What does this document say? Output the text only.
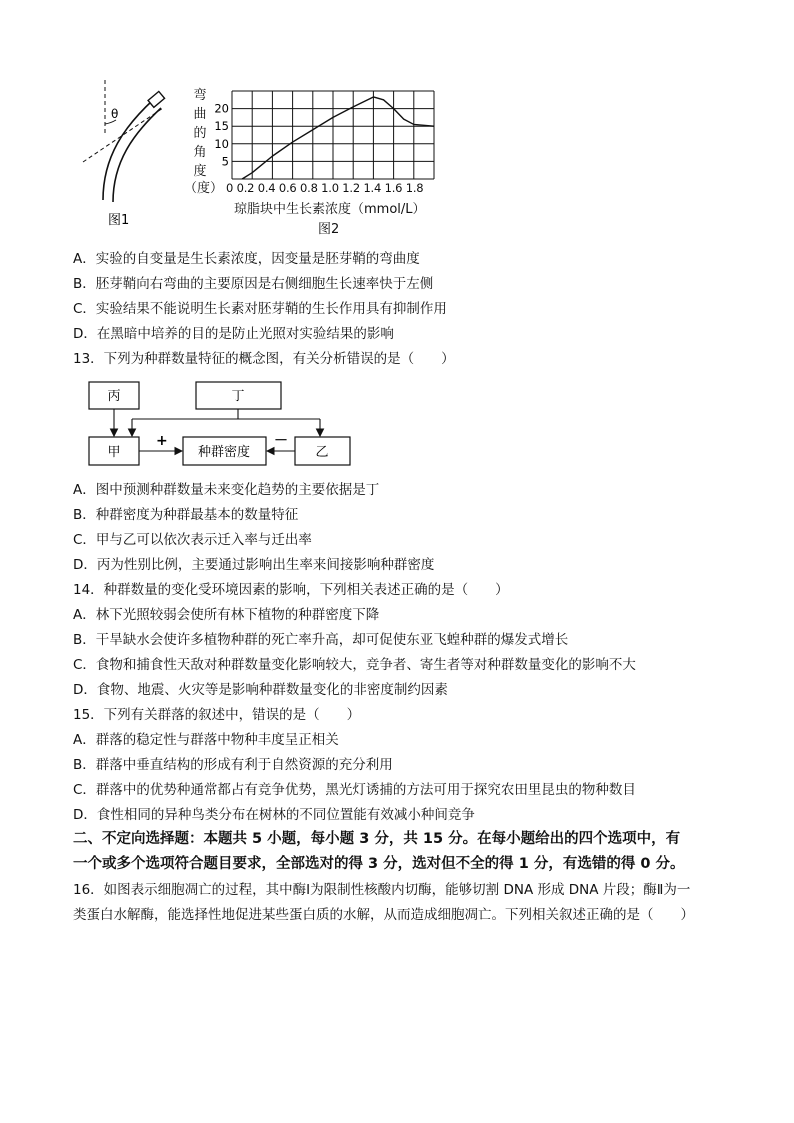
θ
图1
弯
曲
的
角
度
（度）
5
10
15
20
0 0.2 0.4 0.6 0.8 1.0 1.2 1.4 1.6 1.8
琼脂块中生长素浓度（mmol/L）
图2
A．实验的自变量是生长素浓度，因变量是胚芽鞘的弯曲度
B．胚芽鞘向右弯曲的主要原因是右侧细胞生长速率快于左侧
C．实验结果不能说明生长素对胚芽鞘的生长作用具有抑制作用
D．在黑暗中培养的目的是防止光照对实验结果的影响
13．下列为种群数量特征的概念图，有关分析错误的是（　　）
丙	丁
甲	种群密度	乙
+	－
A．图中预测种群数量未来变化趋势的主要依据是丁
B．种群密度为种群最基本的数量特征
C．甲与乙可以依次表示迁入率与迁出率
D．丙为性别比例，主要通过影响出生率来间接影响种群密度
14．种群数量的变化受环境因素的影响，下列相关表述正确的是（　　）
A．林下光照较弱会使所有林下植物的种群密度下降
B．干旱缺水会使许多植物种群的死亡率升高，却可促使东亚飞蝗种群的爆发式增长
C．食物和捕食性天敌对种群数量变化影响较大，竞争者、寄生者等对种群数量变化的影响不大
D．食物、地震、火灾等是影响种群数量变化的非密度制约因素
15．下列有关群落的叙述中，错误的是（　　）
A．群落的稳定性与群落中物种丰度呈正相关
B．群落中垂直结构的形成有利于自然资源的充分利用
C．群落中的优势种通常都占有竞争优势，黑光灯诱捕的方法可用于探究农田里昆虫的物种数目
D．食性相同的异种鸟类分布在树林的不同位置能有效减小种间竞争
二、不定向选择题：本题共 5 小题，每小题 3 分，共 15 分。在每小题给出的四个选项中，有
一个或多个选项符合题目要求，全部选对的得 3 分，选对但不全的得 1 分，有选错的得 0 分。
16．如图表示细胞凋亡的过程，其中酶Ⅰ为限制性核酸内切酶，能够切割 DNA 形成 DNA 片段；酶Ⅱ为一
类蛋白水解酶，能选择性地促进某些蛋白质的水解，从而造成细胞凋亡。下列相关叙述正确的是（　　）
